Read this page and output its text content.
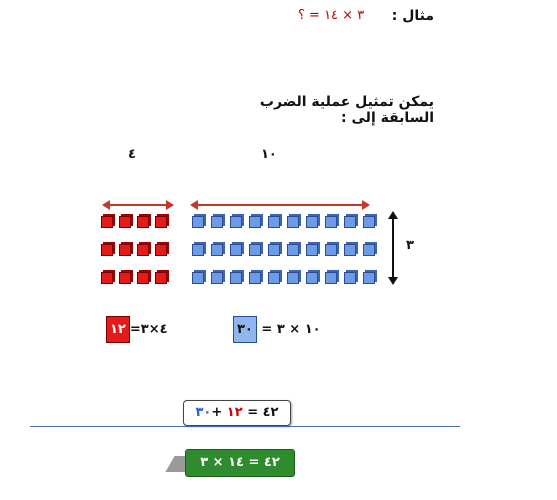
٣ × ١٤ = ؟ مثال :
يمكن تمثيل عملية الضرب السابقة إلى :
٤	١٠
٣
١٢ =٤×٣	٣٠ = ١٠ × ٣
٤٢ = ١٢ +٣٠
٤٢ = ١٤ × ٣
